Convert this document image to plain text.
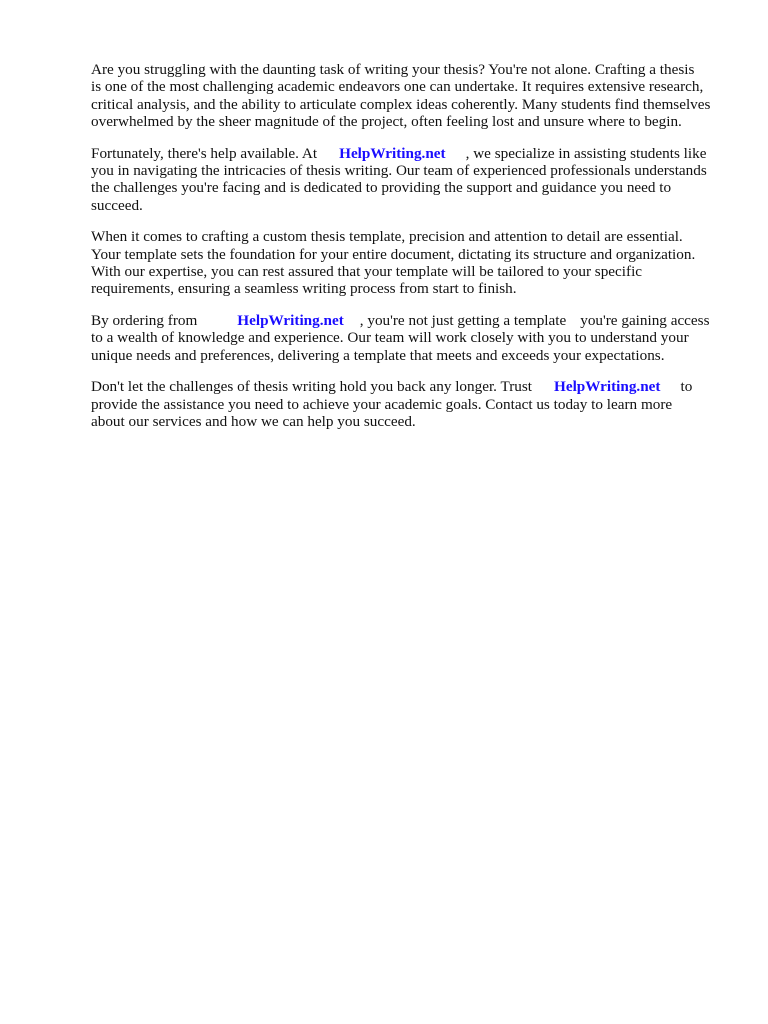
Are you struggling with the daunting task of writing your thesis? You're not alone. Crafting a thesis
is one of the most challenging academic endeavors one can undertake. It requires extensive research,
critical analysis, and the ability to articulate complex ideas coherently. Many students find themselves
overwhelmed by the sheer magnitude of the project, often feeling lost and unsure where to begin.

Fortunately, there's help available. At HelpWriting.net , we specialize in assisting students like
you in navigating the intricacies of thesis writing. Our team of experienced professionals understands
the challenges you're facing and is dedicated to providing the support and guidance you need to
succeed.

When it comes to crafting a custom thesis template, precision and attention to detail are essential.
Your template sets the foundation for your entire document, dictating its structure and organization.
With our expertise, you can rest assured that your template will be tailored to your specific
requirements, ensuring a seamless writing process from start to finish.

By ordering from	HelpWriting.net , you're not just getting a template you're gaining access
to a wealth of knowledge and experience. Our team will work closely with you to understand your
unique needs and preferences, delivering a template that meets and exceeds your expectations.

Don't let the challenges of thesis writing hold you back any longer. Trust HelpWriting.net to
provide the assistance you need to achieve your academic goals. Contact us today to learn more
about our services and how we can help you succeed.
